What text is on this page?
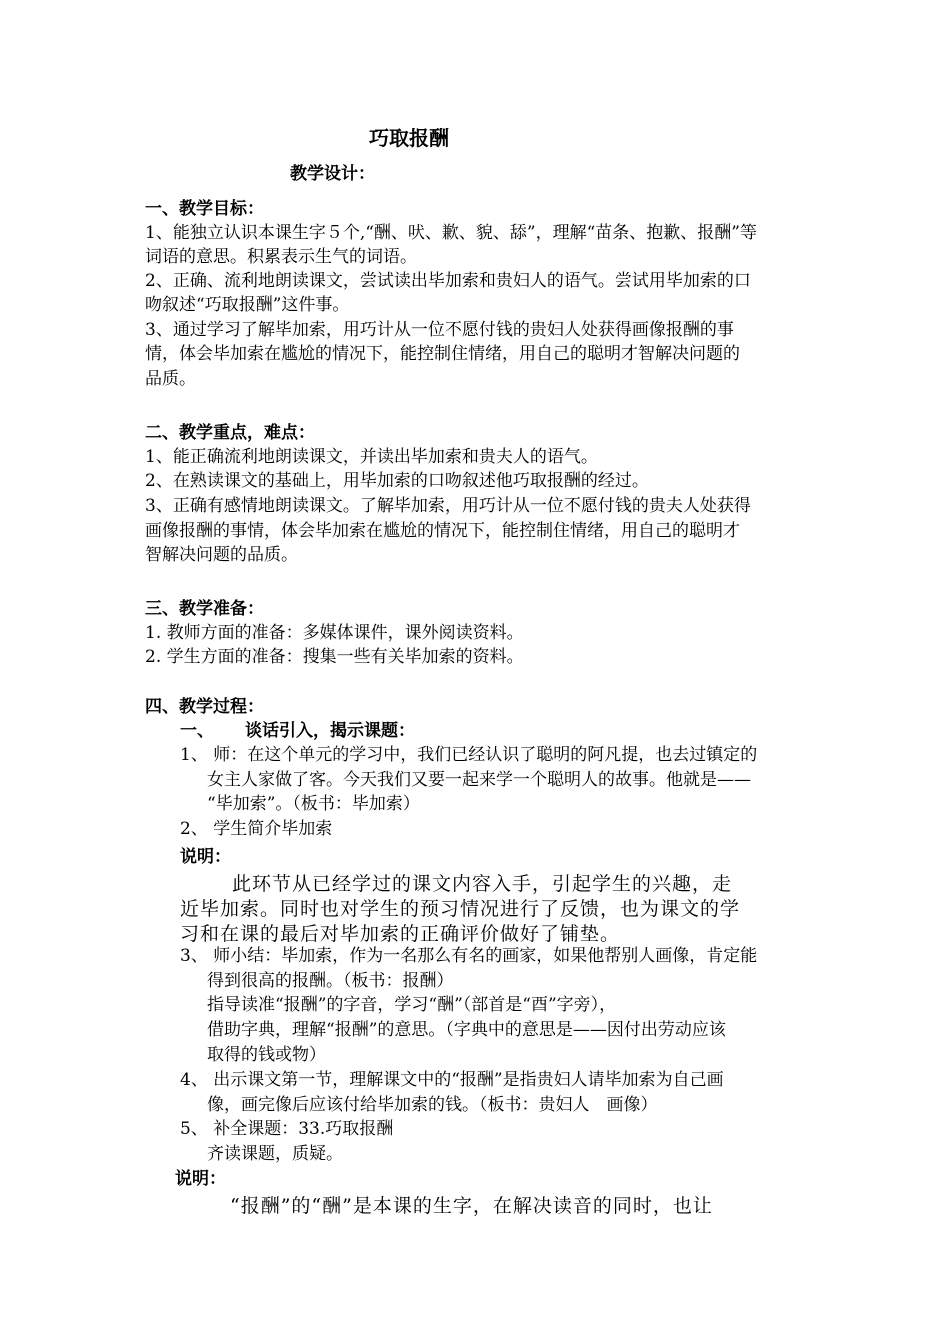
巧取报酬
教学设计：
一、教学目标：
1、能独立认识本课生字５个,“酬、吠、歉、貌、舔”，理解“苗条、抱歉、报酬”等
词语的意思。积累表示生气的词语。
2、正确、流利地朗读课文，尝试读出毕加索和贵妇人的语气。尝试用毕加索的口
吻叙述“巧取报酬”这件事。
3、通过学习了解毕加索，用巧计从一位不愿付钱的贵妇人处获得画像报酬的事
情，体会毕加索在尴尬的情况下，能控制住情绪，用自己的聪明才智解决问题的
品质。
二、教学重点，难点：
1、能正确流利地朗读课文，并读出毕加索和贵夫人的语气。
2、在熟读课文的基础上，用毕加索的口吻叙述他巧取报酬的经过。
3、正确有感情地朗读课文。了解毕加索，用巧计从一位不愿付钱的贵夫人处获得
画像报酬的事情，体会毕加索在尴尬的情况下，能控制住情绪，用自己的聪明才
智解决问题的品质。
三、教学准备：
1. 教师方面的准备：多媒体课件，课外阅读资料。
2. 学生方面的准备：搜集一些有关毕加索的资料。
四、教学过程：
一、 谈话引入，揭示课题：
1、 师：在这个单元的学习中，我们已经认识了聪明的阿凡提，也去过镇定的
女主人家做了客。今天我们又要一起来学一个聪明人的故事。他就是——
“毕加索”。（板书：毕加索）
2、 学生简介毕加索
说明：
此环节从已经学过的课文内容入手，引起学生的兴趣，走
近毕加索。同时也对学生的预习情况进行了反馈，也为课文的学
习和在课的最后对毕加索的正确评价做好了铺垫。
3、 师小结：毕加索，作为一名那么有名的画家，如果他帮别人画像，肯定能
得到很高的报酬。（板书：报酬）
指导读准“报酬”的字音，学习“酬”（部首是“酉”字旁），
借助字典，理解“报酬”的意思。（字典中的意思是——因付出劳动应该
取得的钱或物）
4、 出示课文第一节，理解课文中的“报酬”是指贵妇人请毕加索为自己画
像，画完像后应该付给毕加索的钱。（板书：贵妇人　画像）
5、 补全课题：33.巧取报酬
齐读课题，质疑。
说明：
“报酬”的“酬”是本课的生字，在解决读音的同时，也让
